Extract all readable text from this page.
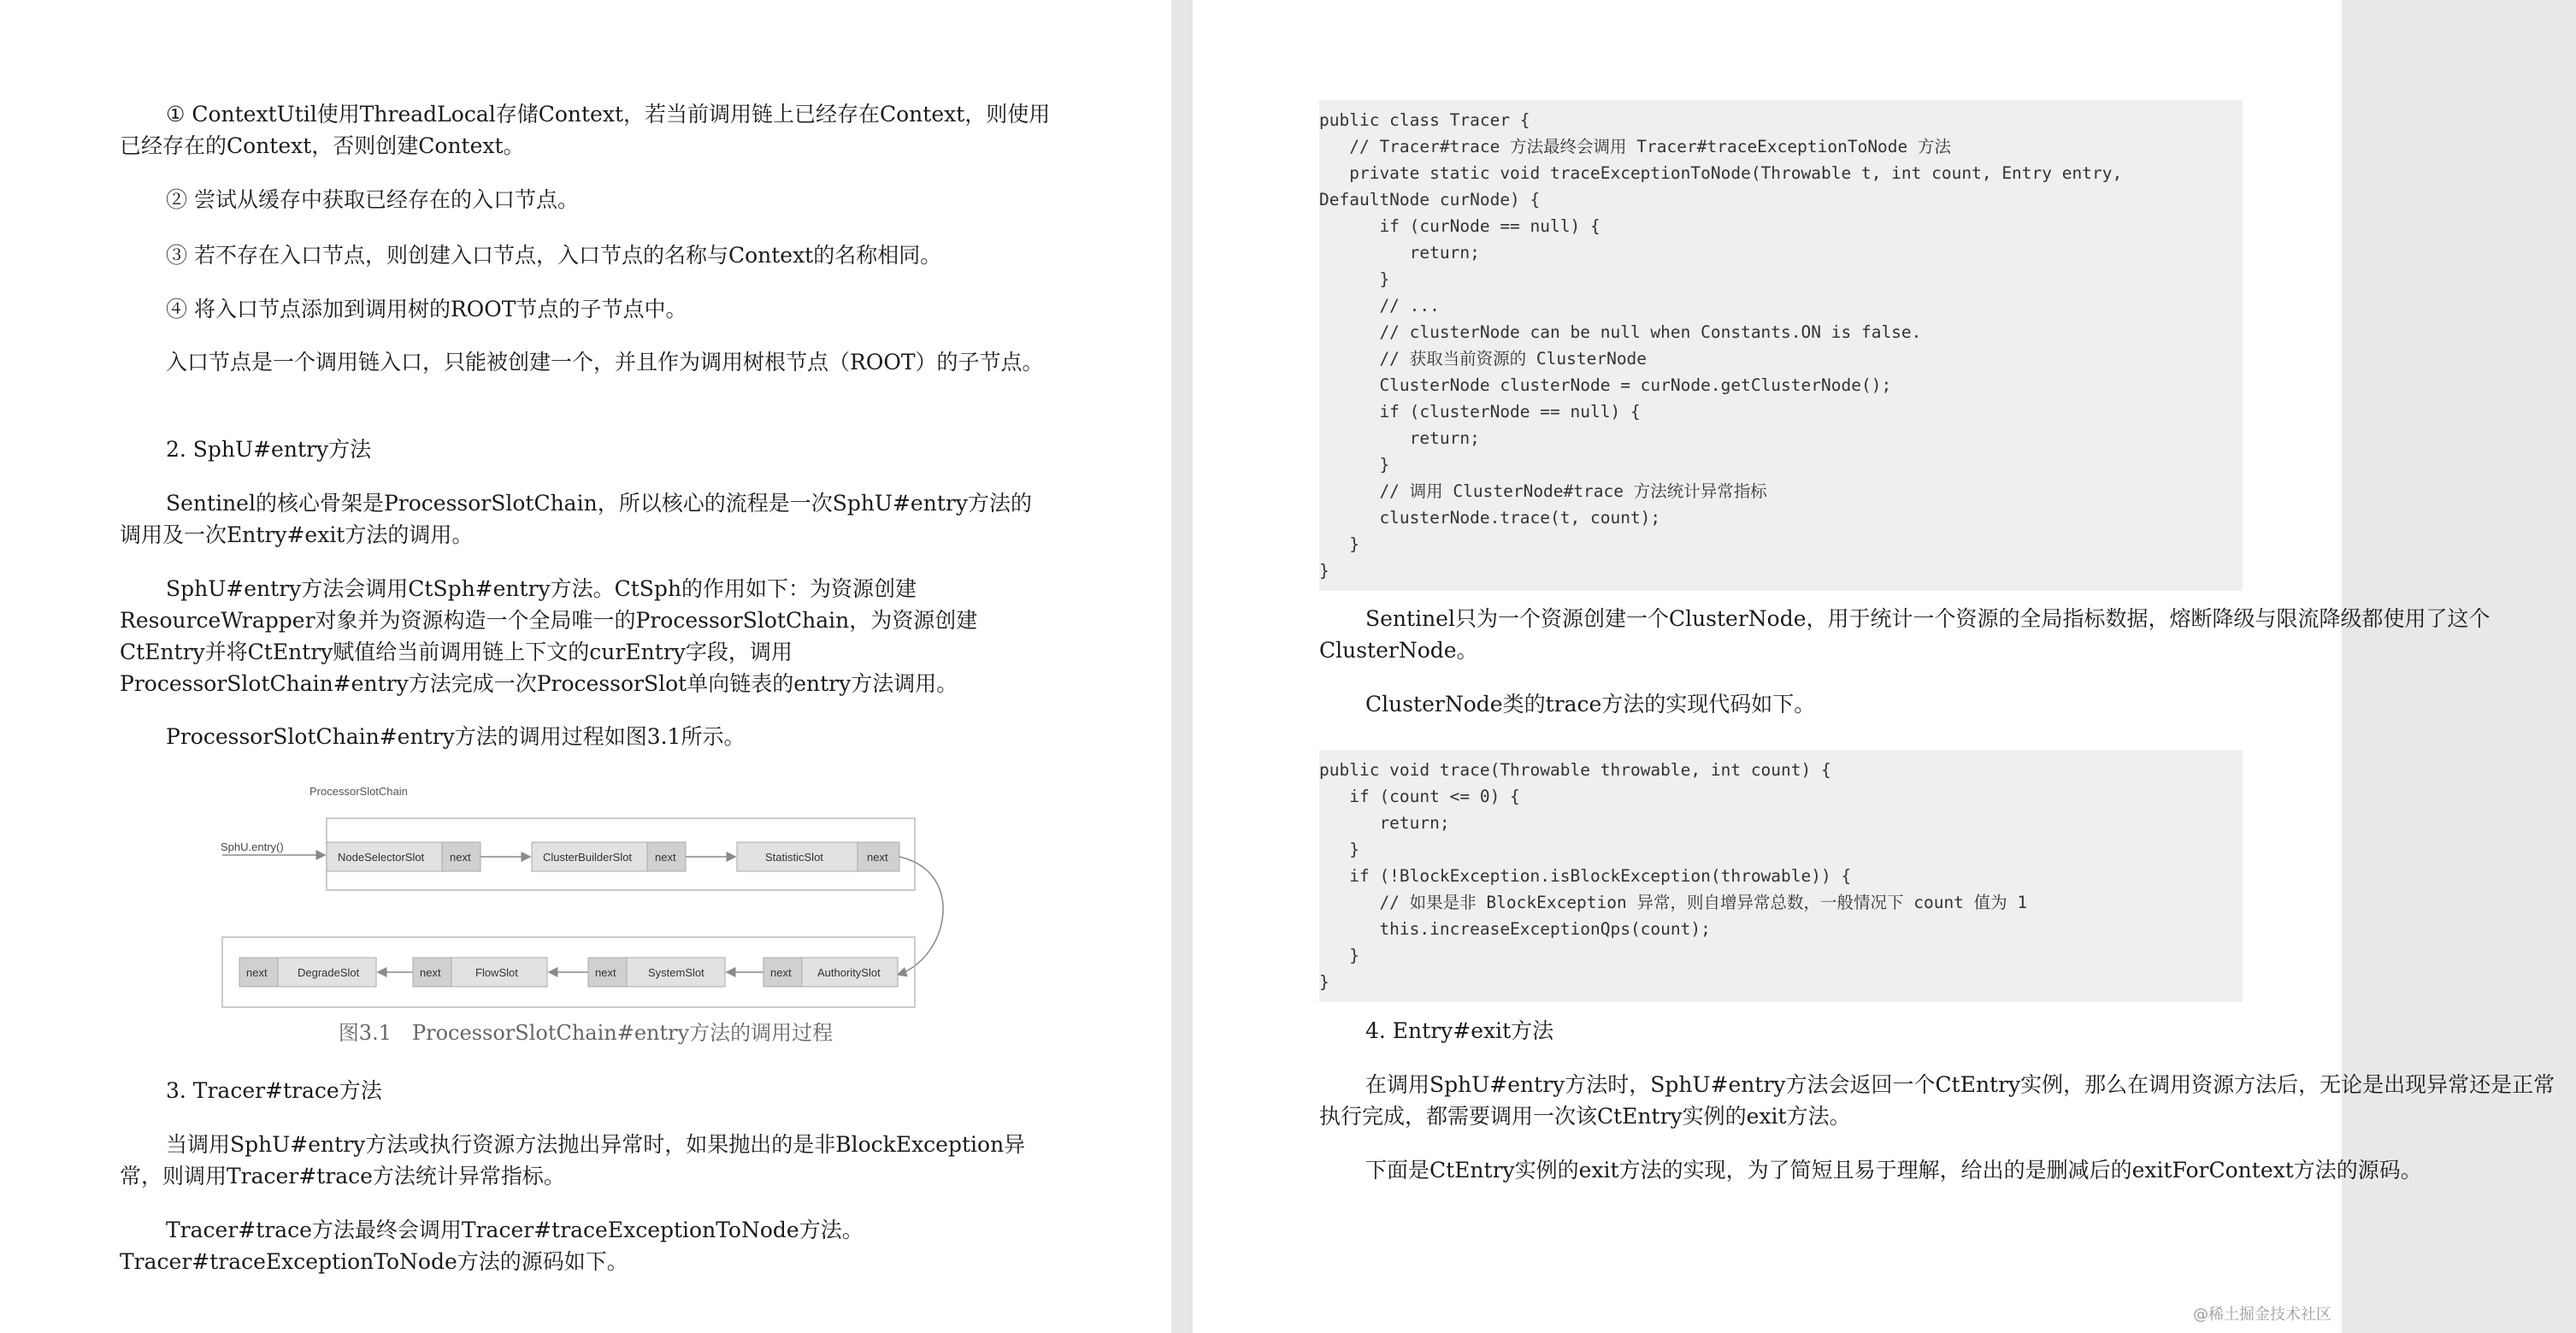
① ContextUtil使用ThreadLocal存储Context，若当前调用链上已经存在Context，则使用已经存在的Context，否则创建Context。

② 尝试从缓存中获取已经存在的入口节点。

③ 若不存在入口节点，则创建入口节点，入口节点的名称与Context的名称相同。

④ 将入口节点添加到调用树的ROOT节点的子节点中。

入口节点是一个调用链入口，只能被创建一个，并且作为调用树根节点（ROOT）的子节点。

2. SphU#entry方法

Sentinel的核心骨架是ProcessorSlotChain，所以核心的流程是一次SphU#entry方法的调用及一次Entry#exit方法的调用。

SphU#entry方法会调用CtSph#entry方法。CtSph的作用如下：为资源创建ResourceWrapper对象并为资源构造一个全局唯一的ProcessorSlotChain，为资源创建CtEntry并将CtEntry赋值给当前调用链上下文的curEntry字段，调用ProcessorSlotChain#entry方法完成一次ProcessorSlot单向链表的entry方法调用。

ProcessorSlotChain#entry方法的调用过程如图3.1所示。

ProcessorSlotChain
SphU.entry()
NodeSelectorSlot next	ClusterBuilderSlot next	StatisticSlot	next
next	DegradeSlot	next	FlowSlot	next	SystemSlot	next AuthoritySlot
图3.1　ProcessorSlotChain#entry方法的调用过程

3. Tracer#trace方法

当调用SphU#entry方法或执行资源方法抛出异常时，如果抛出的是非BlockException异常，则调用Tracer#trace方法统计异常指标。

Tracer#trace方法最终会调用Tracer#traceExceptionToNode方法。Tracer#traceExceptionToNode方法的源码如下。

public class Tracer {
// Tracer#trace 方法最终会调用 Tracer#traceExceptionToNode 方法
private static void traceExceptionToNode(Throwable t, int count, Entry entry,
DefaultNode curNode) {
if (curNode == null) {
return;
}
// ...
// clusterNode can be null when Constants.ON is false.
// 获取当前资源的 ClusterNode
ClusterNode clusterNode = curNode.getClusterNode();
if (clusterNode == null) {
return;
}
// 调用 ClusterNode#trace 方法统计异常指标
clusterNode.trace(t, count);
}
}

Sentinel只为一个资源创建一个ClusterNode，用于统计一个资源的全局指标数据，熔断降级与限流降级都使用了这个ClusterNode。

ClusterNode类的trace方法的实现代码如下。

public void trace(Throwable throwable, int count) {
if (count <= 0) {
return;
}
if (!BlockException.isBlockException(throwable)) {
// 如果是非 BlockException 异常，则自增异常总数，一般情况下 count 值为 1
this.increaseExceptionQps(count);
}
}

4. Entry#exit方法

在调用SphU#entry方法时，SphU#entry方法会返回一个CtEntry实例，那么在调用资源方法后，无论是出现异常还是正常执行完成，都需要调用一次该CtEntry实例的exit方法。

下面是CtEntry实例的exit方法的实现，为了简短且易于理解，给出的是删减后的exitForContext方法的源码。

@稀土掘金技术社区
